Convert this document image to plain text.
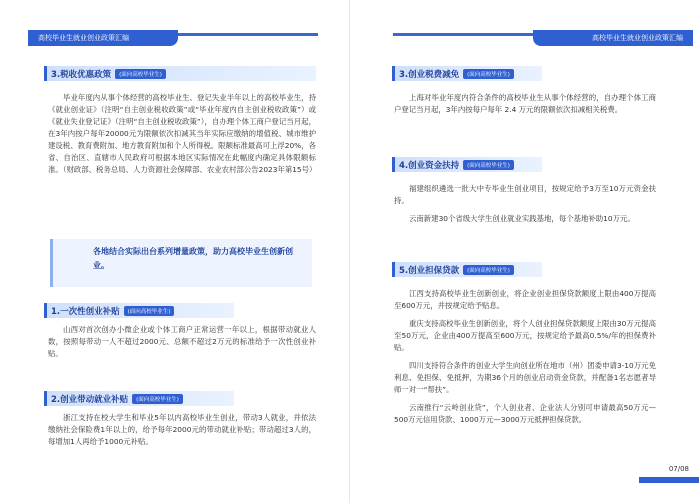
高校毕业生就业创业政策汇编
3.税收优惠政策	(面向高校毕业生)
毕业年度内从事个体经营的高校毕业生、登记失业半年以上的高校毕业生，持《就业创业证》（注明“自主创业税收政策”或“毕业年度内自主创业税收政策”）或《就业失业登记证》（注明“自主创业税收政策”），自办理个体工商户登记当月起，在3年内按户每年20000元为限额依次扣减其当年实际应缴纳的增值税、城市维护建设税、教育费附加、地方教育附加和个人所得税。限额标准最高可上浮20%，各省、自治区、直辖市人民政府可根据本地区实际情况在此幅度内确定具体限额标准。（财政部、税务总局、人力资源社会保障部、农业农村部公告2023年第15号）
各地结合实际出台系列增量政策，助力高校毕业生创新创业。
1.一次性创业补贴	(面向高校毕业生)
山西对首次创办小微企业或个体工商户正常运营一年以上，根据带动就业人数，按照每带动一人不超过2000元、总额不超过2万元的标准给予一次性创业补贴。
2.创业带动就业补贴	(面向高校毕业生)
浙江支持在校大学生和毕业5年以内高校毕业生创业，带动3人就业，并依法缴纳社会保险费1年以上的，给予每年2000元的带动就业补贴；带动超过3人的，每增加1人再给予1000元补贴。
高校毕业生就业创业政策汇编
3.创业税费减免	(面向高校毕业生)
上海对毕业年度内符合条件的高校毕业生从事个体经营的，自办理个体工商户登记当月起，3年内按每户每年 2.4 万元的限额依次扣减相关税费。
4.创业资金扶持	(面向高校毕业生)
福建组织遴选一批大中专毕业生创业项目，按规定给予3万至10万元资金扶持。
云南新建30个省级大学生创业就业实践基地，每个基地补助10万元。
5.创业担保贷款	(面向高校毕业生)
江西支持高校毕业生创新创业，将企业创业担保贷款额度上限由400万提高至600万元，并按规定给予贴息。
重庆支持高校毕业生创新创业，将个人创业担保贷款额度上限由30万元提高至50万元，企业由400万提高至600万元，按规定给予最高0.5%/年的担保费补贴。
四川支持符合条件的创业大学生向创业所在地市（州）团委申请3-10万元免利息、免担保、免抵押，为期36个月的创业启动资金贷款，并配备1名志愿者导师一对一“帮扶”。
云南推行“云岭创业贷”，个人创业者、企业法人分别可申请最高50万元—500万元信用贷款、1000万元—3000万元抵押担保贷款。
07/08
